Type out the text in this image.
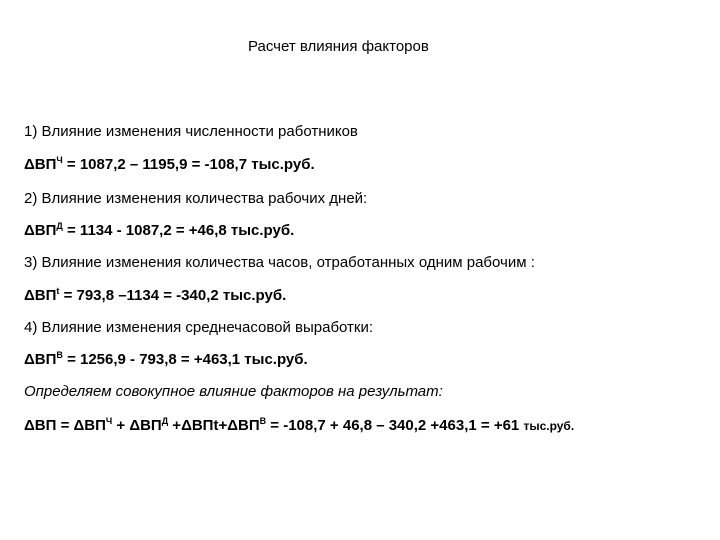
Расчет влияния факторов
1) Влияние изменения численности работников
$\Delta ВП^Ч = 1087,2 - 1195,9 = -108,7$ тыс.руб.
2) Влияние изменения количества рабочих дней:
$\Delta ВП^Д = 1134 - 1087,2 = +46,8$ тыс.руб.
3) Влияние изменения количества часов, отработанных одним рабочим :
$\Delta ВП^t = 793,8$ –1134 = -340,2 тыс.руб.
4) Влияние изменения среднечасовой выработки:
$\Delta ВП^В = 1256,9 - 793,8 = +463,1$ тыс.руб.
Определяем совокупное влияние факторов на результат:
$\Delta ВП = \Delta ВП^Ч + \Delta ВП^Д +\Delta ВПt+\Delta ВП^В = -108,7 + 46,8 - 340,2 +463,1 = +61$ тыс.руб.
